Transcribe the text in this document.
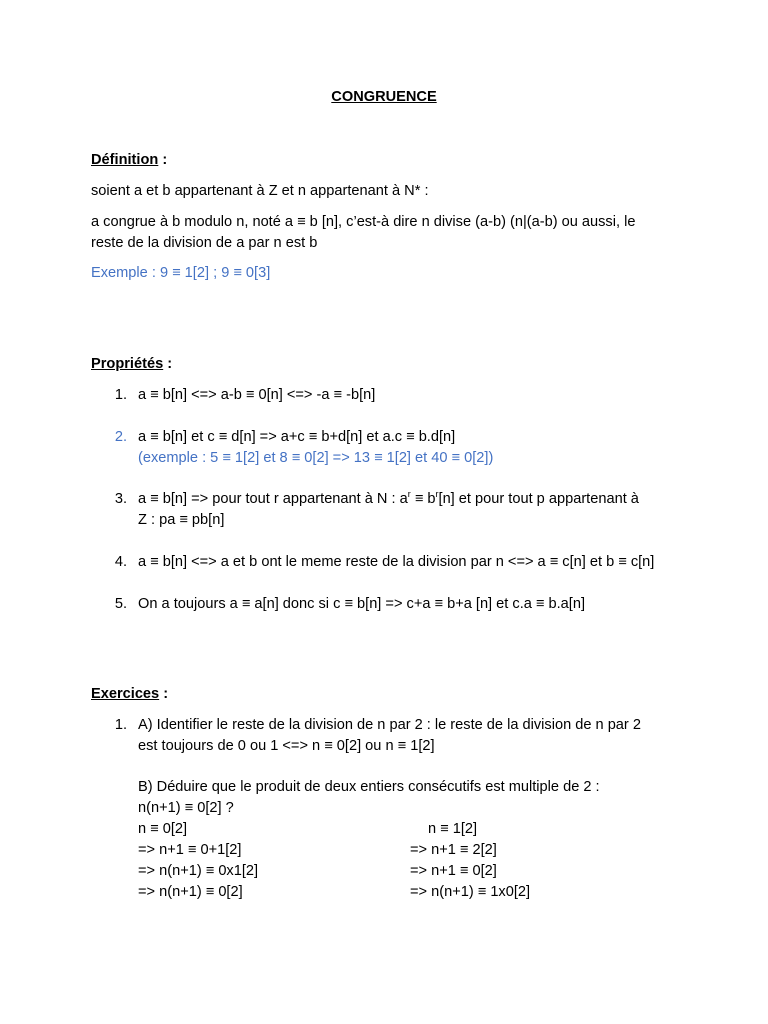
CONGRUENCE
Définition :
soient a et b appartenant à Z et n appartenant à N* :
a congrue à b modulo n, noté a ≡ b [n], c’est-à dire n divise (a-b) (n|(a-b) ou aussi, le
reste de la division de a par n est b
Exemple : 9 ≡ 1[2] ; 9 ≡ 0[3]
Propriétés :
1. a ≡ b[n] <=> a-b ≡ 0[n] <=> -a ≡ -b[n]
2. a ≡ b[n] et c ≡ d[n] => a+c ≡ b+d[n] et a.c ≡ b.d[n]
(exemple : 5 ≡ 1[2] et 8 ≡ 0[2] => 13 ≡ 1[2] et 40 ≡ 0[2])
3. a ≡ b[n] => pour tout r appartenant à N : $a^r \equiv b^r[n]$ et pour tout p appartenant à
Z : pa ≡ pb[n]
4. a ≡ b[n] <=> a et b ont le meme reste de la division par n <=> a ≡ c[n] et b ≡ c[n]
5. On a toujours a ≡ a[n] donc si c ≡ b[n] => c+a ≡ b+a [n] et c.a ≡ b.a[n]
Exercices :
1. A) Identifier le reste de la division de n par 2 : le reste de la division de n par 2
est toujours de 0 ou 1 <=> n ≡ 0[2] ou n ≡ 1[2]
B) Déduire que le produit de deux entiers consécutifs est multiple de 2 :
n(n+1) ≡ 0[2] ?
n ≡ 0[2]
=> n+1 ≡ 0+1[2]
=> n(n+1) ≡ 0x1[2]
=> n(n+1) ≡ 0[2]
n ≡ 1[2]
=> n+1 ≡ 2[2]
=> n+1 ≡ 0[2]
=> n(n+1) ≡ 1x0[2]
